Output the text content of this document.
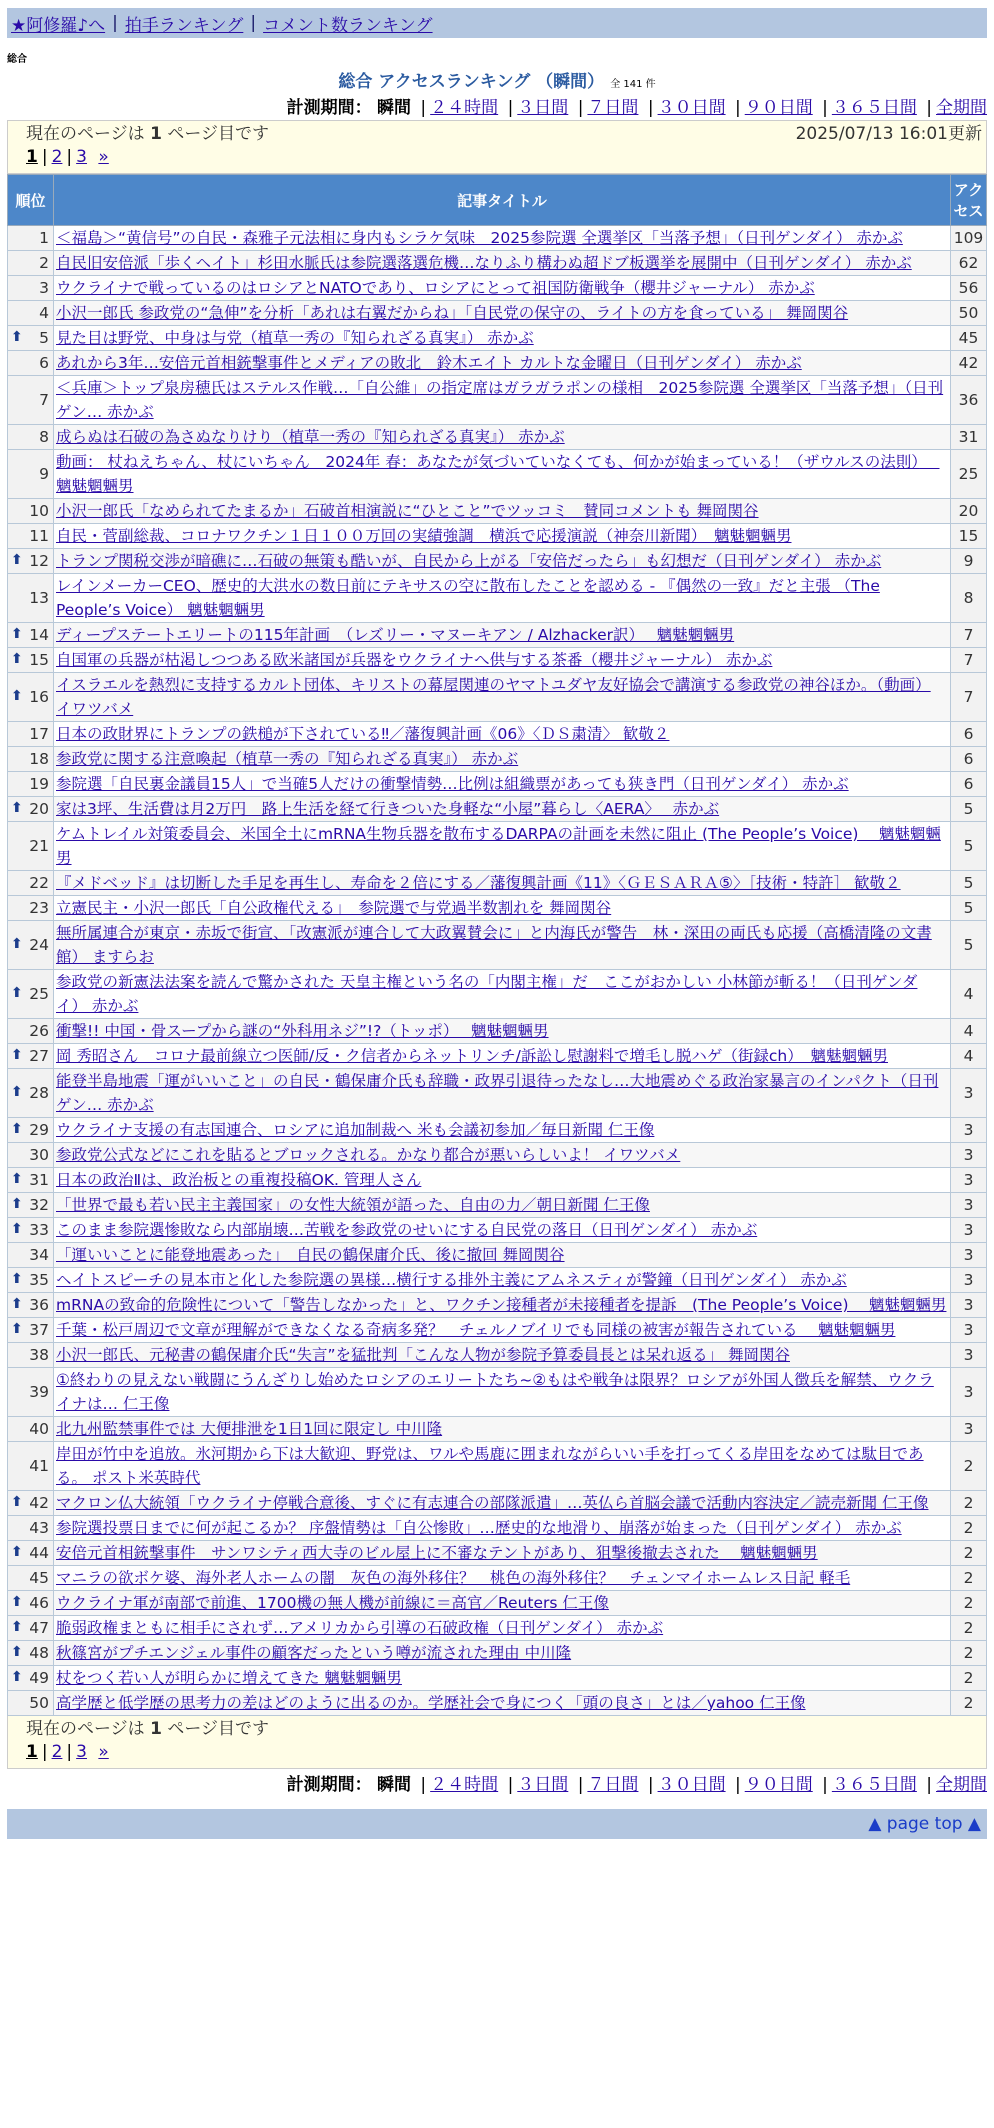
★阿修羅♪へ | 拍手ランキング | コメント数ランキング
総合
総合 アクセスランキング （瞬間） 全 141 件
計測期間： 瞬間 | ２４時間 | ３日間 | ７日間 | ３０日間 | ９０日間 | ３６５日間 | 全期間
現在のページは 1 ページ目です	2025/07/13 16:01更新
1 | 2 | 3 »
順位	記事タイトル	アクセス
1	＜福島＞“黄信号”の自民・森雅子元法相に身内もシラケ気味　2025参院選 全選挙区「当落予想」（日刊ゲンダイ） 赤かぶ	109
2	自民旧安倍派「歩くヘイト」杉田水脈氏は参院選落選危機…なりふり構わぬ超ドブ板選挙を展開中（日刊ゲンダイ） 赤かぶ	62
3	ウクライナで戦っているのはロシアとNATOであり、ロシアにとって祖国防衛戦争（櫻井ジャーナル） 赤かぶ	56
4	小沢一郎氏 参政党の“急伸”を分析「あれは右翼だからね」「自民党の保守の、ライトの方を食っている」 舞岡関谷	50

⬆ 5	見た目は野党、中身は与党（植草一秀の『知られざる真実』） 赤かぶ	45
6	あれから3年…安倍元首相銃撃事件とメディアの敗北　鈴木エイト カルトな金曜日（日刊ゲンダイ） 赤かぶ	42
7	＜兵庫＞トップ泉房穂氏はステルス作戦…「自公維」の指定席はガラガラポンの様相　2025参院選 全選挙区「当落予想」（日刊ゲン… 赤かぶ	36
8	成らぬは石破の為さぬなりけり（植草一秀の『知られざる真実』） 赤かぶ	31
9	動画： 杖ねえちゃん、杖にいちゃん　2024年 春：あなたが気づいていなくても、何かが始まっている！（ザウルスの法則）　 魑魅魍魎男	25
10	小沢一郎氏「なめられてたまるか」石破首相演説に“ひとこと”でツッコミ　賛同コメントも 舞岡関谷	20
11	自民・菅副総裁、コロナワクチン１日１００万回の実績強調　横浜で応援演説（神奈川新聞）　魑魅魍魎男	15

⬆ 12	トランプ関税交渉が暗礁に…石破の無策も酷いが、自民から上がる「安倍だったら」も幻想だ（日刊ゲンダイ） 赤かぶ	9
13	レインメーカーCEO、歴史的大洪水の数日前にテキサスの空に散布したことを認める - 『偶然の一致』だと主張 （The People’s Voice） 魑魅魍魎男	8

⬆ 14	ディープステートエリートの115年計画　（レズリー・マヌーキアン / Alzhacker訳）　 魑魅魍魎男	7

⬆ 15	自国軍の兵器が枯渇しつつある欧米諸国が兵器をウクライナへ供与する茶番（櫻井ジャーナル） 赤かぶ	7

⬆ 16	イスラエルを熱烈に支持するカルト団体、キリストの幕屋関連のヤマトユダヤ友好協会で講演する参政党の神谷ほか。（動画） イワツバメ	7
17	日本の政財界にトランプの鉄槌が下されている‼／藩復興計画《06》〈ＤＳ粛清〉 歓敬２	6
18	参政党に関する注意喚起（植草一秀の『知られざる真実』） 赤かぶ	6
19	参院選「自民裏金議員15人」で当確5人だけの衝撃情勢…比例は組織票があっても狭き門（日刊ゲンダイ） 赤かぶ	6

⬆ 20	家は3坪、生活費は月2万円　路上生活を経て行きついた身軽な“小屋”暮らし〈AERA〉　 赤かぶ	5
21	ケムトレイル対策委員会、米国全土にmRNA生物兵器を散布するDARPAの計画を未然に阻止 (The People’s Voice)　 魑魅魍魎男	5
22	『メドベッド』は切断した手足を再生し、寿命を２倍にする／藩復興計画《11》〈ＧＥＳＡＲＡ⑤〉［技術・特許］ 歓敬２	5
23	立憲民主・小沢一郎氏「自公政権代える」　参院選で与党過半数割れを 舞岡関谷	5

⬆ 24	無所属連合が東京・赤坂で街宣、「改憲派が連合して大政翼賛会に」と内海氏が警告　林・深田の両氏も応援（高橋清隆の文書館） ますらお	5

⬆ 25	参政党の新憲法法案を読んで驚かされた 天皇主権という名の「内閣主権」だ　ここがおかしい 小林節が斬る！（日刊ゲンダイ） 赤かぶ	4
26	衝撃!! 中国・骨スープから謎の“外科用ネジ”!?（トッポ）　 魑魅魍魎男	4

⬆ 27	岡 秀昭さん　コロナ最前線立つ医師/反・ク信者からネットリンチ/訴訟し慰謝料で増毛し脱ハゲ（街録ch）　魑魅魍魎男	4

⬆ 28	能登半島地震「運がいいこと」の自民・鶴保庸介氏も辞職・政界引退待ったなし…大地震めぐる政治家暴言のインパクト（日刊ゲン… 赤かぶ	3

⬆ 29	ウクライナ支援の有志国連合、ロシアに追加制裁へ 米も会議初参加／毎日新聞 仁王像	3
30	参政党公式などにこれを貼るとブロックされる。かなり都合が悪いらしいよ！ イワツバメ	3

⬆ 31	日本の政治Ⅱは、政治板との重複投稿OK. 管理人さん	3

⬆ 32	「世界で最も若い民主主義国家」の女性大統領が語った、自由の力／朝日新聞 仁王像	3

⬆ 33	このまま参院選惨敗なら内部崩壊…苦戦を参政党のせいにする自民党の落日（日刊ゲンダイ） 赤かぶ	3
34	「運いいことに能登地震あった」　自民の鶴保庸介氏、後に撤回 舞岡関谷	3

⬆ 35	ヘイトスピーチの見本市と化した参院選の異様…横行する排外主義にアムネスティが警鐘（日刊ゲンダイ） 赤かぶ	3

⬆ 36	mRNAの致命的危険性について「警告しなかった」と、ワクチン接種者が未接種者を提訴　(The People’s Voice)　 魑魅魍魎男	3

⬆ 37	千葉・松戸周辺で文章が理解ができなくなる奇病多発？　チェルノブイリでも同様の被害が報告されている　 魑魅魍魎男	3
38	小沢一郎氏、元秘書の鶴保庸介氏“失言”を猛批判「こんな人物が参院予算委員長とは呆れ返る」 舞岡関谷	3
39	①終わりの見えない戦闘にうんざりし始めたロシアのエリートたち~②もはや戦争は限界？ロシアが外国人徴兵を解禁、ウクライナは… 仁王像	3
40	北九州監禁事件では 大便排泄を1日1回に限定し 中川隆	3
41	岸田が竹中を追放。氷河期から下は大歓迎、野党は、ワルや馬鹿に囲まれながらいい手を打ってくる岸田をなめては駄目である。 ポスト米英時代	2

⬆ 42	マクロン仏大統領「ウクライナ停戦合意後、すぐに有志連合の部隊派遣」…英仏ら首脳会議で活動内容決定／読売新聞 仁王像	2
43	参院選投票日までに何が起こるか？ 序盤情勢は「自公惨敗」…歴史的な地滑り、崩落が始まった（日刊ゲンダイ） 赤かぶ	2

⬆ 44	安倍元首相銃撃事件　サンワシティ西大寺のビル屋上に不審なテントがあり、狙撃後撤去された　 魑魅魍魎男	2
45	マニラの欲ボケ婆、海外老人ホームの闇　灰色の海外移住？　桃色の海外移住？　チェンマイホームレス日記 軽毛	2

⬆ 46	ウクライナ軍が南部で前進、1700機の無人機が前線に＝高官／Reuters 仁王像	2

⬆ 47	脆弱政権まともに相手にされず…アメリカから引導の石破政権（日刊ゲンダイ） 赤かぶ	2

⬆ 48	秋篠宮がプチエンジェル事件の顧客だったという噂が流された理由 中川隆	2

⬆ 49	杖をつく若い人が明らかに増えてきた 魑魅魍魎男	2
50	高学歴と低学歴の思考力の差はどのように出るのか。学歴社会で身につく「頭の良さ」とは／yahoo 仁王像	2
現在のページは 1 ページ目です
1 | 2 | 3 »
計測期間： 瞬間 | ２４時間 | ３日間 | ７日間 | ３０日間 | ９０日間 | ３６５日間 | 全期間
▲ page top ▲
